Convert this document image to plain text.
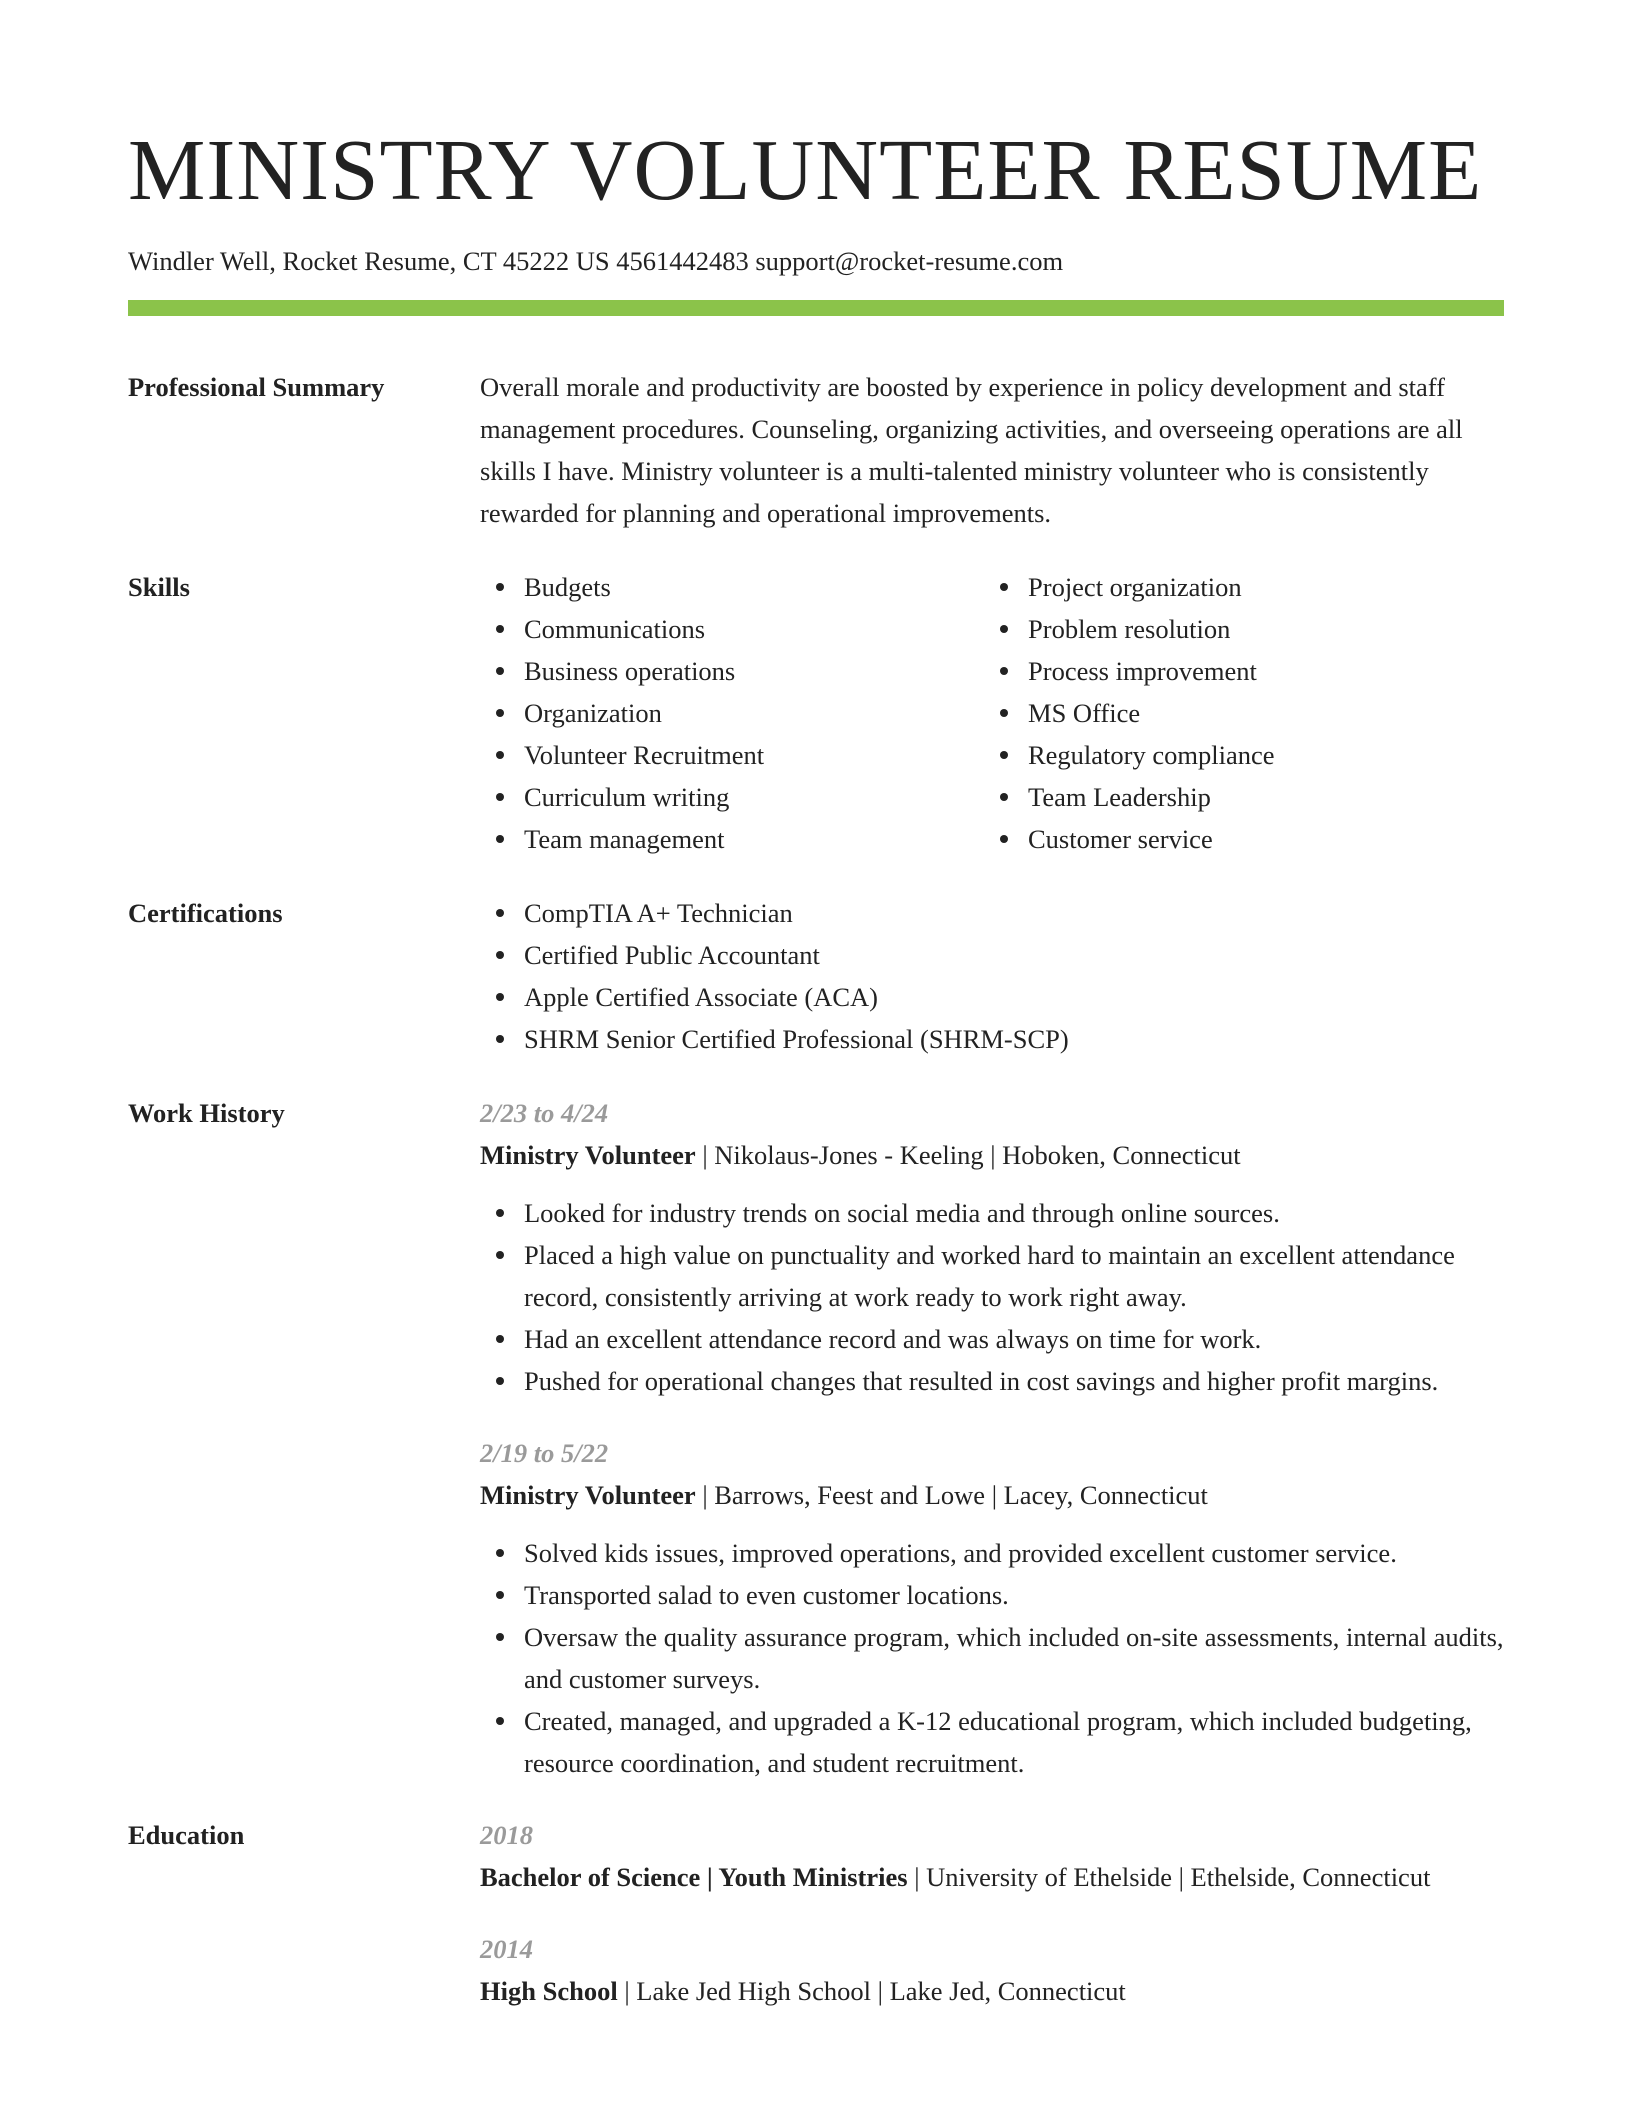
MINISTRY VOLUNTEER RESUME
Windler Well, Rocket Resume, CT 45222 US 4561442483 support@rocket-resume.com
Professional Summary	Overall morale and productivity are boosted by experience in policy development and staff management procedures. Counseling, organizing activities, and overseeing operations are all skills I have. Ministry volunteer is a multi-talented ministry volunteer who is consistently rewarded for planning and operational improvements.
Skills	Budgets
Communications
Business operations
Organization
Volunteer Recruitment
Curriculum writing
Team management
Project organization
Problem resolution
Process improvement
MS Office
Regulatory compliance
Team Leadership
Customer service
Certifications	CompTIA A+ Technician
Certified Public Accountant
Apple Certified Associate (ACA)
SHRM Senior Certified Professional (SHRM-SCP)
Work History	2/23 to 4/24
Ministry Volunteer | Nikolaus-Jones - Keeling | Hoboken, Connecticut
Looked for industry trends on social media and through online sources.
Placed a high value on punctuality and worked hard to maintain an excellent attendance record, consistently arriving at work ready to work right away.
Had an excellent attendance record and was always on time for work.
Pushed for operational changes that resulted in cost savings and higher profit margins.
2/19 to 5/22
Ministry Volunteer | Barrows, Feest and Lowe | Lacey, Connecticut
Solved kids issues, improved operations, and provided excellent customer service.
Transported salad to even customer locations.
Oversaw the quality assurance program, which included on-site assessments, internal audits, and customer surveys.
Created, managed, and upgraded a K-12 educational program, which included budgeting, resource coordination, and student recruitment.
Education	2018
Bachelor of Science | Youth Ministries | University of Ethelside | Ethelside, Connecticut
2014
High School | Lake Jed High School | Lake Jed, Connecticut
